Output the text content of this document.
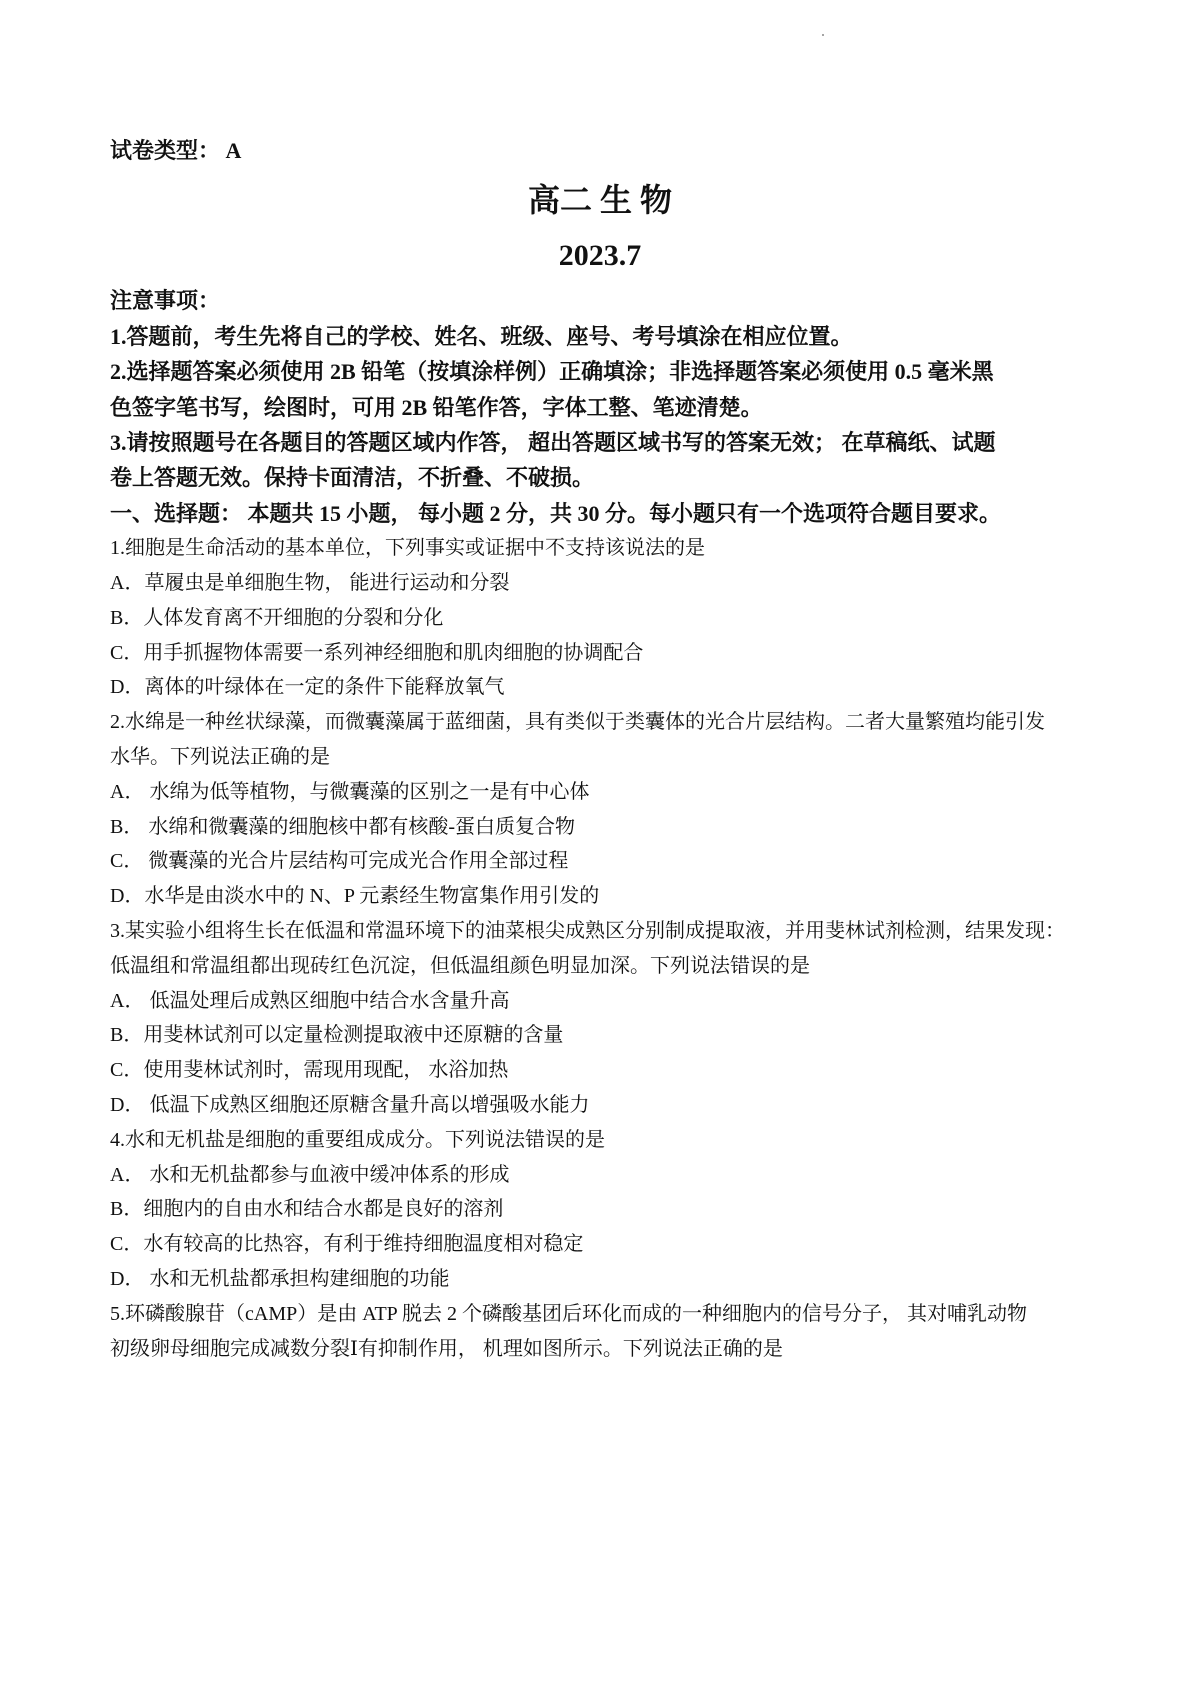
试卷类型： A
高二 生 物
2023.7
注意事项：
1.答题前，考生先将自己的学校、姓名、班级、座号、考号填涂在相应位置。
2.选择题答案必须使用 2B 铅笔（按填涂样例）正确填涂；非选择题答案必须使用 0.5 毫米黑
色签字笔书写，绘图时，可用 2B 铅笔作答，字体工整、笔迹清楚。
3.请按照题号在各题目的答题区域内作答， 超出答题区域书写的答案无效； 在草稿纸、试题
卷上答题无效。保持卡面清洁，不折叠、不破损。
一、选择题： 本题共 15 小题， 每小题 2 分，共 30 分。每小题只有一个选项符合题目要求。
1.细胞是生命活动的基本单位，下列事实或证据中不支持该说法的是
A．草履虫是单细胞生物， 能进行运动和分裂
B．人体发育离不开细胞的分裂和分化
C．用手抓握物体需要一系列神经细胞和肌肉细胞的协调配合
D．离体的叶绿体在一定的条件下能释放氧气
2.水绵是一种丝状绿藻，而微囊藻属于蓝细菌，具有类似于类囊体的光合片层结构。二者大量繁殖均能引发
水华。下列说法正确的是
A． 水绵为低等植物，与微囊藻的区别之一是有中心体
B． 水绵和微囊藻的细胞核中都有核酸-蛋白质复合物
C． 微囊藻的光合片层结构可完成光合作用全部过程
D．水华是由淡水中的 N、P 元素经生物富集作用引发的
3.某实验小组将生长在低温和常温环境下的油菜根尖成熟区分别制成提取液，并用斐林试剂检测，结果发现：
低温组和常温组都出现砖红色沉淀，但低温组颜色明显加深。下列说法错误的是
A． 低温处理后成熟区细胞中结合水含量升高
B．用斐林试剂可以定量检测提取液中还原糖的含量
C．使用斐林试剂时，需现用现配， 水浴加热
D． 低温下成熟区细胞还原糖含量升高以增强吸水能力
4.水和无机盐是细胞的重要组成成分。下列说法错误的是
A． 水和无机盐都参与血液中缓冲体系的形成
B．细胞内的自由水和结合水都是良好的溶剂
C．水有较高的比热容，有利于维持细胞温度相对稳定
D． 水和无机盐都承担构建细胞的功能
5.环磷酸腺苷（cAMP）是由 ATP 脱去 2 个磷酸基团后环化而成的一种细胞内的信号分子， 其对哺乳动物
初级卵母细胞完成减数分裂Ⅰ有抑制作用， 机理如图所示。下列说法正确的是
